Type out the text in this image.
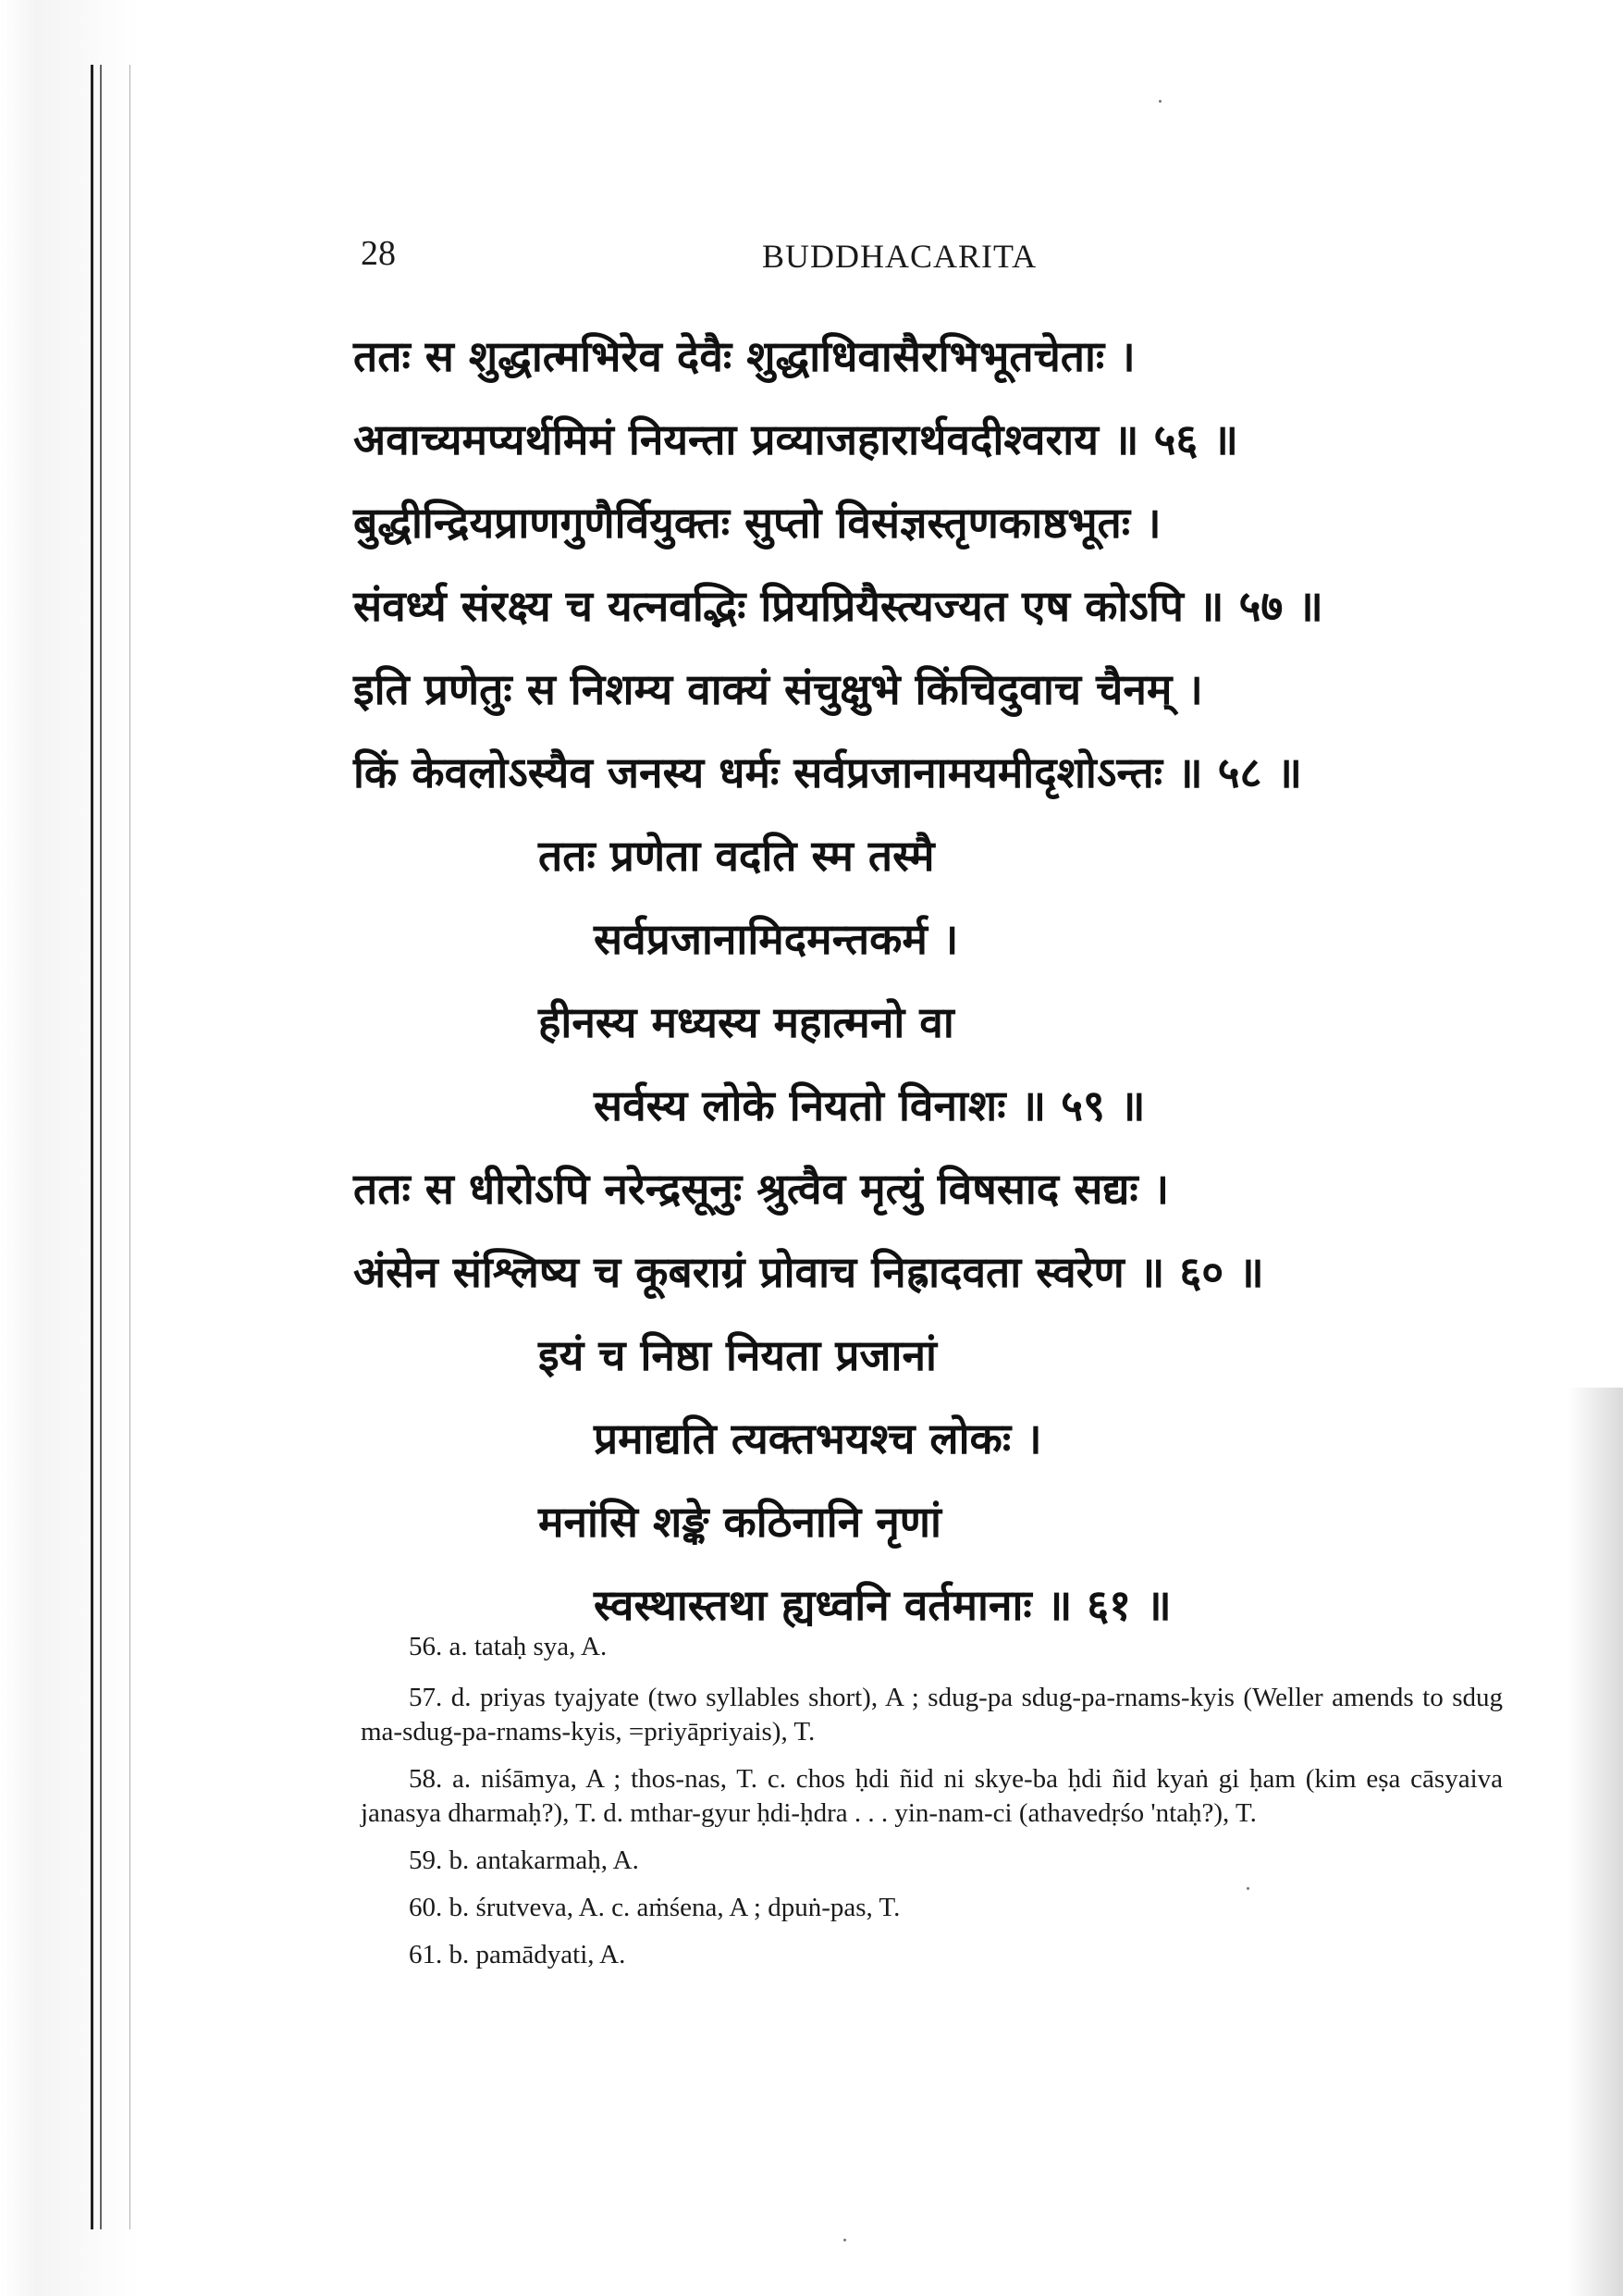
28	BUDDHACARITA
ततः स शुद्धात्मभिरेव देवैः शुद्धाधिवासैरभिभूतचेताः ।
अवाच्यमप्यर्थमिमं नियन्ता प्रव्याजहारार्थवदीश्वराय ॥ ५६ ॥
बुद्धीन्द्रियप्राणगुणैर्वियुक्तः सुप्तो विसंज्ञस्तृणकाष्ठभूतः ।
संवर्ध्य संरक्ष्य च यत्नवद्भिः प्रियप्रियैस्त्यज्यत एष कोऽपि ॥ ५७ ॥
इति प्रणेतुः स निशम्य वाक्यं संचुक्षुभे किंचिदुवाच चैनम् ।
किं केवलोऽस्यैव जनस्य धर्मः सर्वप्रजानामयमीदृशोऽन्तः ॥ ५८ ॥
ततः प्रणेता वदति स्म तस्मै
सर्वप्रजानामिदमन्तकर्म ।
हीनस्य मध्यस्य महात्मनो वा
सर्वस्य लोके नियतो विनाशः ॥ ५९ ॥
ततः स धीरोऽपि नरेन्द्रसूनुः श्रुत्वैव मृत्युं विषसाद सद्यः ।
अंसेन संश्लिष्य च कूबराग्रं प्रोवाच निह्रादवता स्वरेण ॥ ६० ॥
इयं च निष्ठा नियता प्रजानां
प्रमाद्यति त्यक्तभयश्च लोकः ।
मनांसि शङ्के कठिनानि नृणां
स्वस्थास्तथा ह्यध्वनि वर्तमानाः ॥ ६१ ॥

56. a. tataḥ sya, A.

57. d. priyas tyajyate (two syllables short), A ; sdug-pa sdug-pa-rnams-kyis (Weller amends to sdug ma-sdug-pa-rnams-kyis, =priyāpriyais), T.

58. a. niśāmya, A ; thos-nas, T. c. chos ḥdi ñid ni skye-ba ḥdi ñid kyaṅ gi ḥam (kim eṣa cāsyaiva janasya dharmaḥ?), T. d. mthar-gyur ḥdi-ḥdra . . . yin-nam-ci (athavedṛśo 'ntaḥ?), T.

59. b. antakarmaḥ, A.

60. b. śrutveva, A. c. aṁśena, A ; dpuṅ-pas, T.

61. b. pamādyati, A.
